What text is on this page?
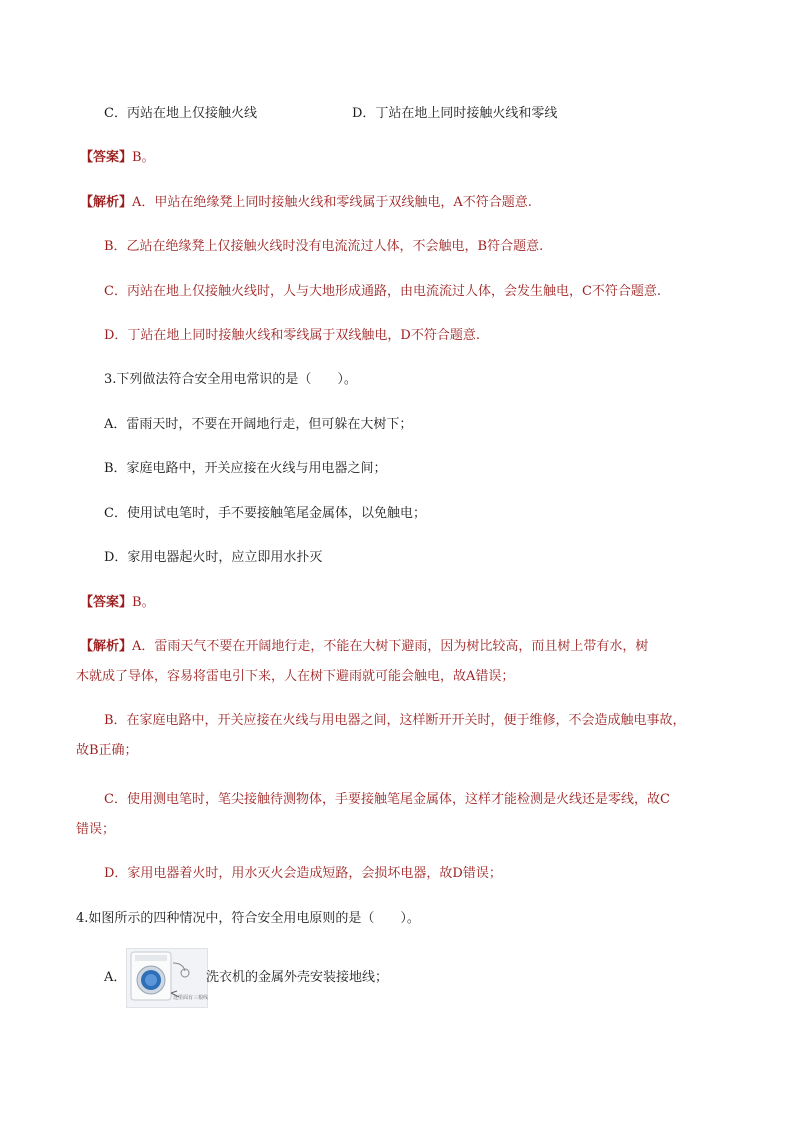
C．丙站在地上仅接触火线	D．丁站在地上同时接触火线和零线
【答案】B。
【解析】A．甲站在绝缘凳上同时接触火线和零线属于双线触电，A不符合题意.
B．乙站在绝缘凳上仅接触火线时没有电流流过人体，不会触电，B符合题意.
C．丙站在地上仅接触火线时，人与大地形成通路，由电流流过人体，会发生触电，C不符合题意.
D．丁站在地上同时接触火线和零线属于双线触电，D不符合题意.
3.下列做法符合安全用电常识的是（　　）。
A．雷雨天时，不要在开阔地行走，但可躲在大树下；
B．家庭电路中，开关应接在火线与用电器之间；
C．使用试电笔时，手不要接触笔尾金属体，以免触电；
D．家用电器起火时，应立即用水扑灭
【答案】B。
【解析】A．雷雨天气不要在开阔地行走，不能在大树下避雨，因为树比较高，而且树上带有水，树
木就成了导体，容易将雷电引下来，人在树下避雨就可能会触电，故A错误；
B．在家庭电路中，开关应接在火线与用电器之间，这样断开开关时，便于维修，不会造成触电事故，
故B正确；
C．使用测电笔时，笔尖接触待测物体，手要接触笔尾金属体，这样才能检测是火线还是零线，故C
错误；
D．家用电器着火时，用水灭火会造成短路，会损坏电器，故D错误；
4.如图所示的四种情况中，符合安全用电原则的是（　　）。
A．
这里面有三根线
洗衣机的金属外壳安装接地线；
